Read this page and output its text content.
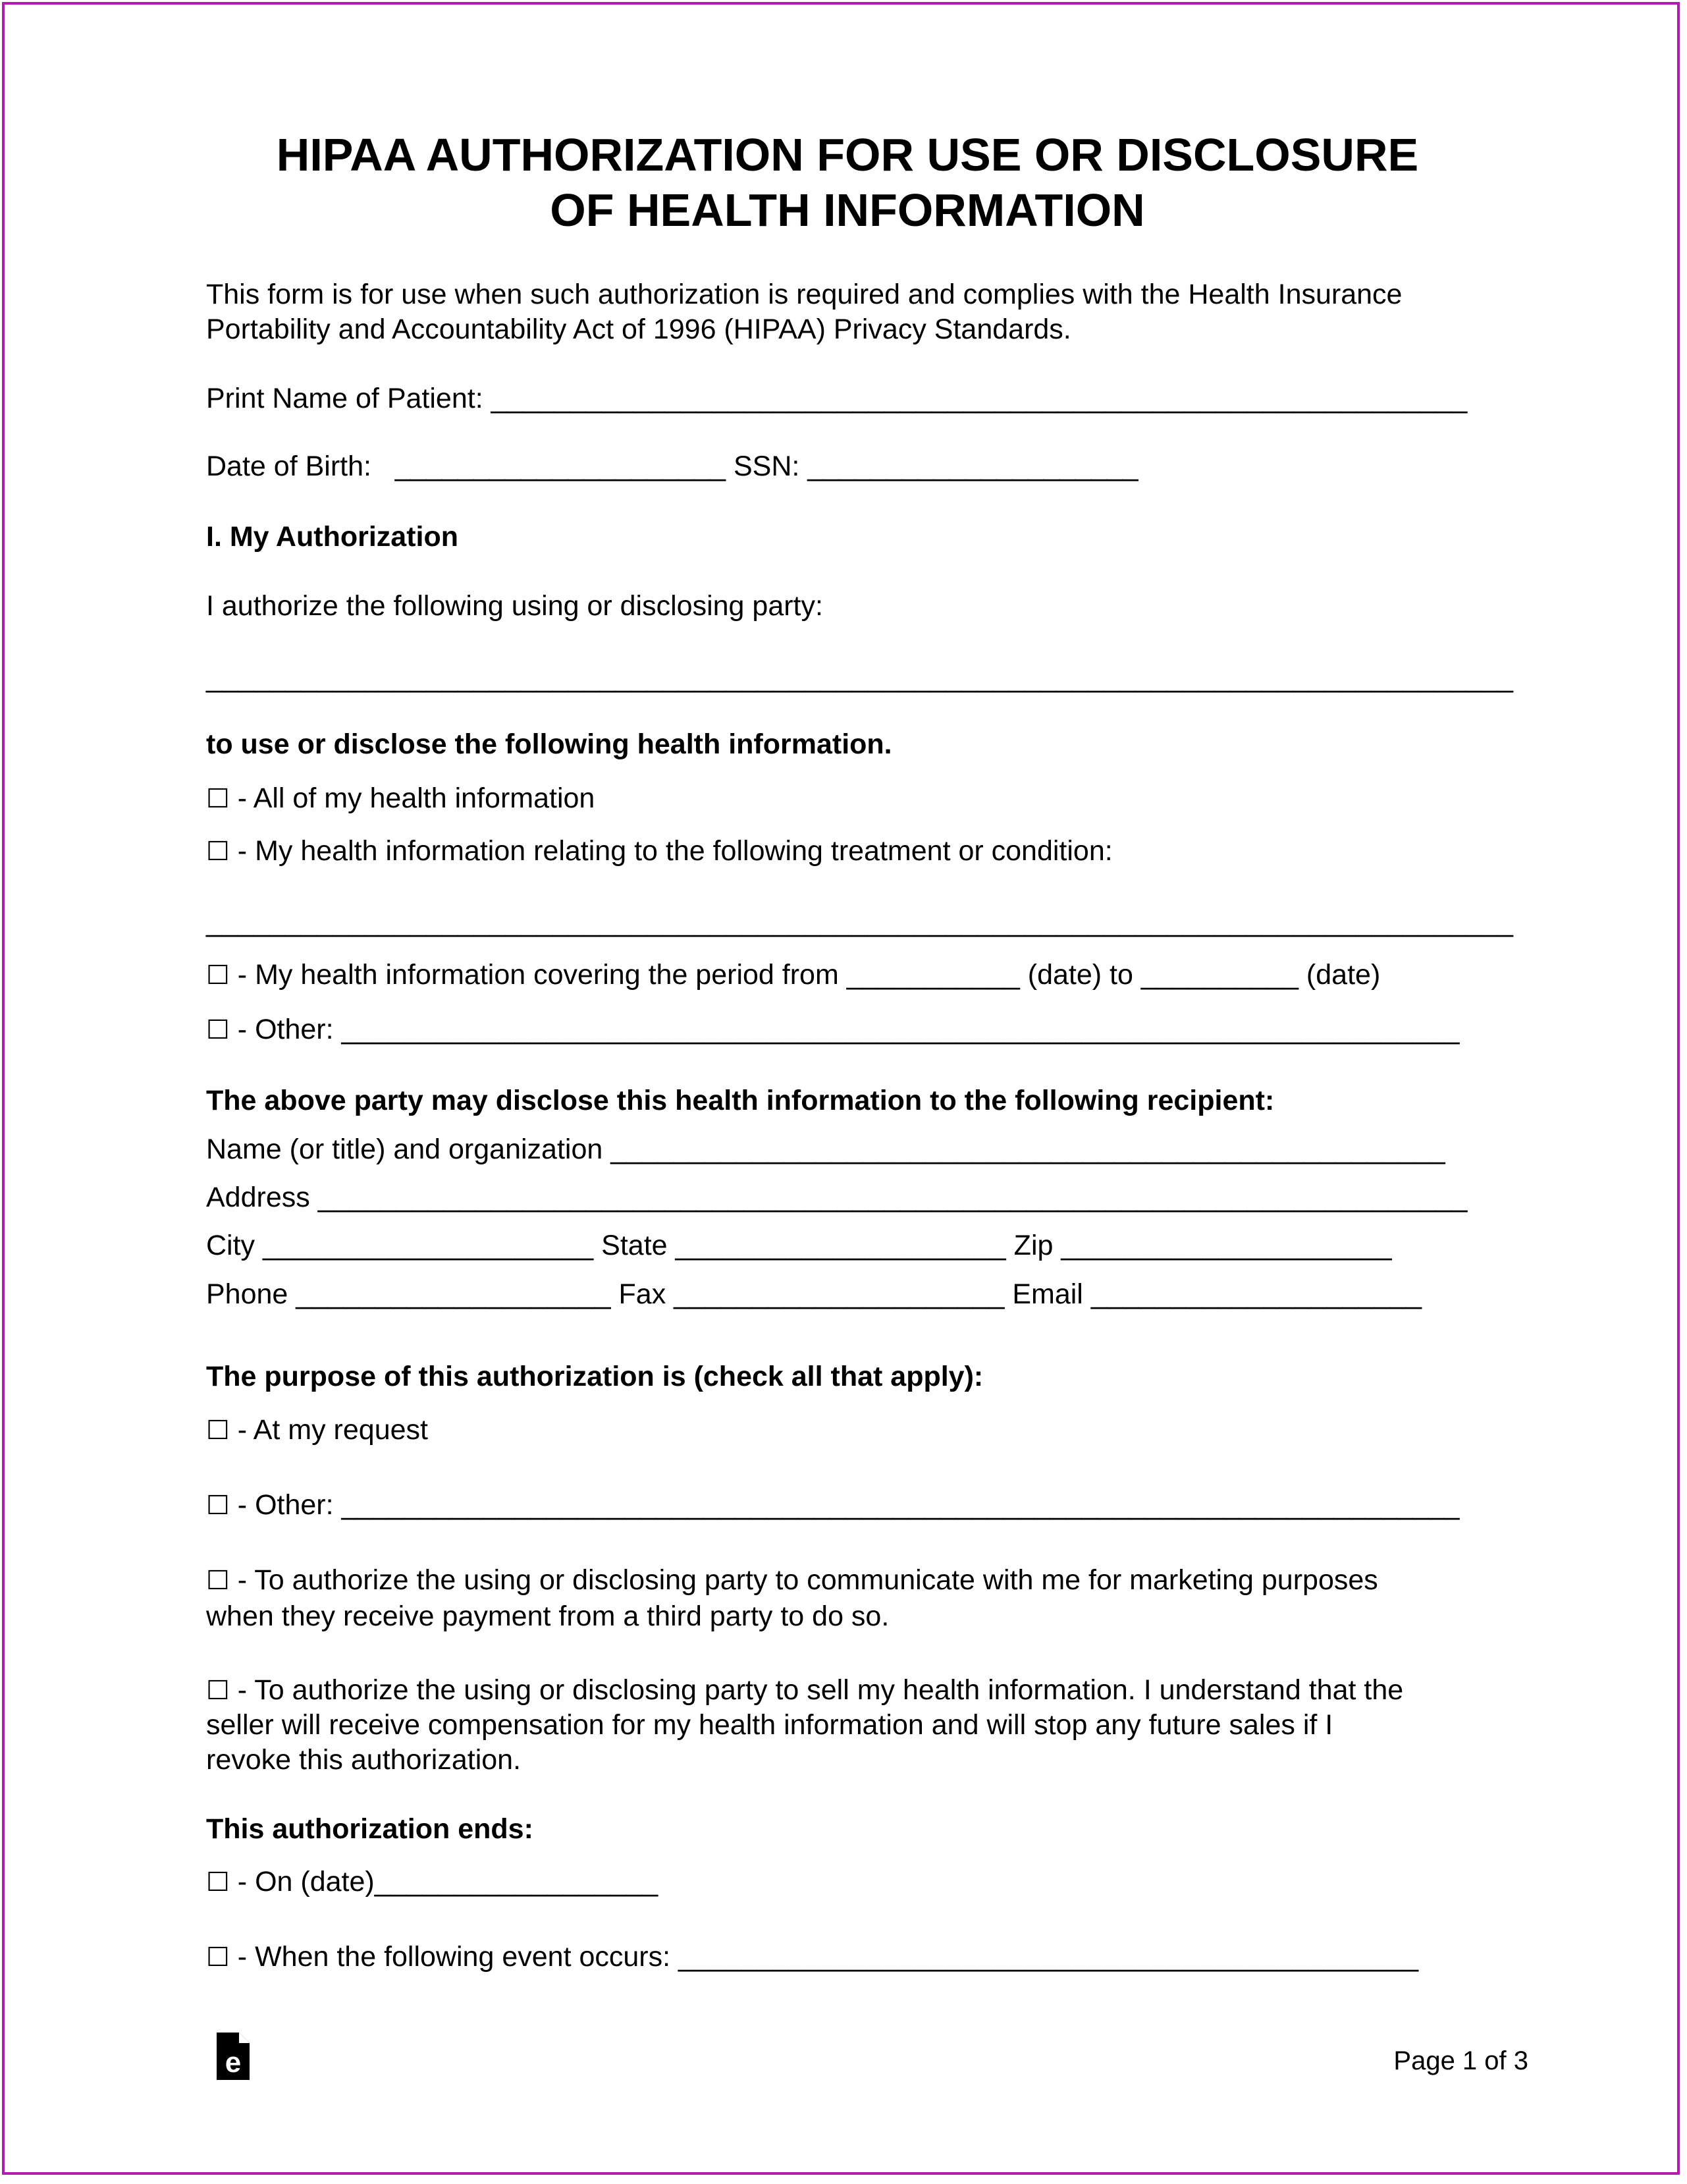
HIPAA AUTHORIZATION FOR USE OR DISCLOSURE
OF HEALTH INFORMATION
This form is for use when such authorization is required and complies with the Health Insurance
Portability and Accountability Act of 1996 (HIPAA) Privacy Standards.
Print Name of Patient: ______________________________________________________________
Date of Birth: _____________________ SSN: _____________________
I. My Authorization
I authorize the following using or disclosing party:
___________________________________________________________________________________
to use or disclose the following health information.
☐ - All of my health information
☐ - My health information relating to the following treatment or condition:
___________________________________________________________________________________
☐ - My health information covering the period from ___________ (date) to __________ (date)
☐ - Other: _______________________________________________________________________
The above party may disclose this health information to the following recipient:
Name (or title) and organization _____________________________________________________
Address _________________________________________________________________________
City _____________________ State _____________________ Zip _____________________
Phone ____________________ Fax _____________________ Email _____________________
The purpose of this authorization is (check all that apply):
☐ - At my request
☐ - Other: _______________________________________________________________________
☐ - To authorize the using or disclosing party to communicate with me for marketing purposes
when they receive payment from a third party to do so.
☐ - To authorize the using or disclosing party to sell my health information. I understand that the
seller will receive compensation for my health information and will stop any future sales if I
revoke this authorization.
This authorization ends:
☐ - On (date)__________________
☐ - When the following event occurs: _______________________________________________
e	Page 1 of 3
